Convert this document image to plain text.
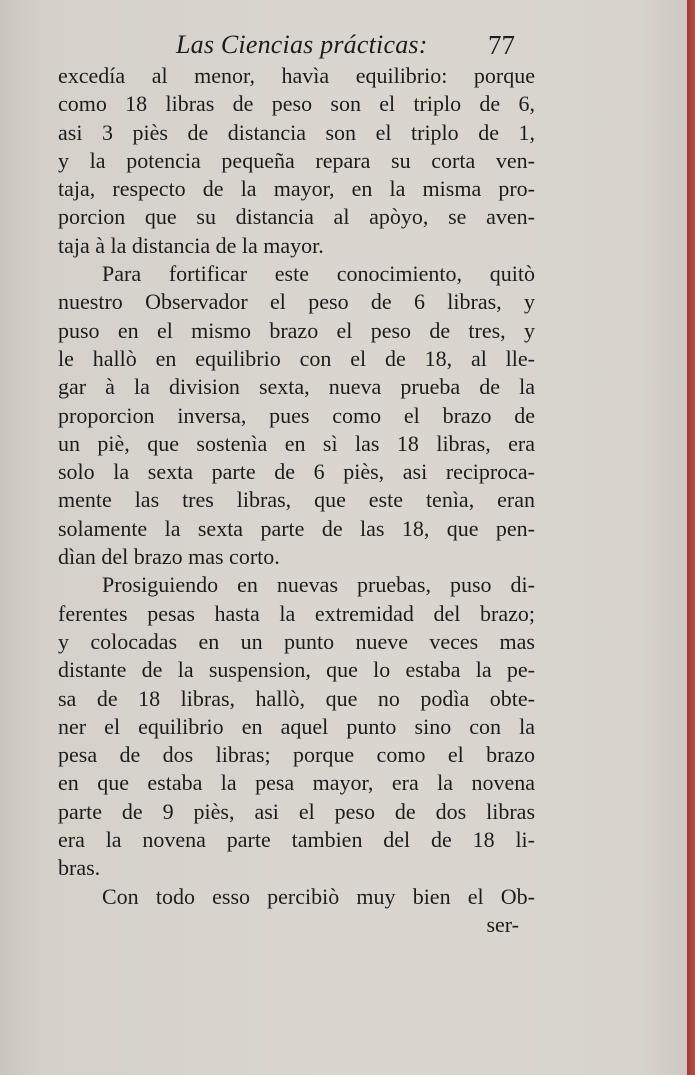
Las Ciencias prácticas: 77
excedía al menor, havìa equilibrio: porque
como 18 libras de peso son el triplo de 6,
asi 3 piès de distancia son el triplo de 1,
y la potencia pequeña repara su corta ven-
taja, respecto de la mayor, en la misma pro-
porcion que su distancia al apòyo, se aven-
taja à la distancia de la mayor.
Para fortificar este conocimiento, quitò
nuestro Observador el peso de 6 libras, y
puso en el mismo brazo el peso de tres, y
le hallò en equilibrio con el de 18, al lle-
gar à la division sexta, nueva prueba de la
proporcion inversa, pues como el brazo de
un piè, que sostenìa en sì las 18 libras, era
solo la sexta parte de 6 piès, asi reciproca-
mente las tres libras, que este tenìa, eran
solamente la sexta parte de las 18, que pen-
dìan del brazo mas corto.
Prosiguiendo en nuevas pruebas, puso di-
ferentes pesas hasta la extremidad del brazo;
y colocadas en un punto nueve veces mas
distante de la suspension, que lo estaba la pe-
sa de 18 libras, hallò, que no podìa obte-
ner el equilibrio en aquel punto sino con la
pesa de dos libras; porque como el brazo
en que estaba la pesa mayor, era la novena
parte de 9 piès, asi el peso de dos libras
era la novena parte tambien del de 18 li-
bras.
Con todo esso percibiò muy bien el Ob-
ser-
